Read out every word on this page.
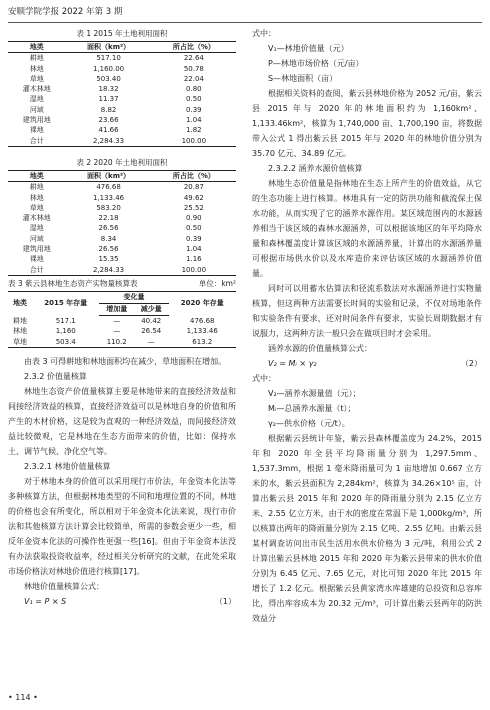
安顺学院学报 2022 年第 3 期
表 1 2015 年土地利用面积
地类	面积（km²）	所占比（%）
耕地	517.10	22.64
林地	1,160.00	50.78
草地	503.40	22.04
灌木林地	18.32	0.80
湿地	11.37	0.50
河域	8.82	0.39
建筑用地	23.66	1.04
裸地	41.66	1.82
合计	2,284.33	100.00
表 2 2020 年土地利用面积
地类	面积（km²）	所占比（%）
耕地	476.68	20.87
林地	1,133.46	49.62
草地	583.20	25.52
灌木林地	22.18	0.90
湿地	26.56	0.50
河域	8.34	0.39
建筑用地	26.56	1.04
裸地	15.35	1.16
合计	2,284.33	100.00
表 3 紫云县林地生态资产实物量核算表	单位：km²
地类	2015 年存量	变化量		2020 年存量
		增加量	减少量	
耕地	517.1	—	40.42	476.68
林地	1,160	—	26.54	1,133.46
草地	503.4	110.2	—	613.2

由表 3 可得耕地和林地面积均在减少，草地面积在增加。

2.3.2 价值量核算

林地生态资产价值量核算主要是林地带来的直接经济效益和间接经济效益的核算，直接经济效益可以是林地自身的价值和所产生的木材价格，这是较为直观的一种经济效益，而间接经济效益比较微观，它是林地在生态方面带来的价值，比如：保持水土、调节气候、净化空气等。

2.3.2.1 林地价值量核算

对于林地本身的价值可以采用现行市价法，年金资本化法等多种核算方法，但根据林地类型的不同和地理位置的不同，林地的价格也会有所变化，所以相对于年金资本化法来说，现行市价法和其他核算方法计算会比较简单，所需的参数会更少一些，相反年金资本化法的可操作性更强一些[16]。但由于年金资本法没有办法获取投资收益率，经过相关分析研究的文献，在此处采取市场价格法对林地价值进行核算[17]。

林地价值量核算公式：

V₁ = P × S	（1）

式中：

V₁—林地价值量（元）

P—林地市场价格（元/亩）

S—林地面积（亩）

根据相关资料的查阅，紫云县林地价格为 2052 元/亩，紫云县 2015 年与 2020 年的林地面积约为 1,160km²、1,133.46km²，核算为 1,740,000 亩、1,700,190 亩，将数据带入公式 1 得出紫云县 2015 年与 2020 年的林地价值分别为 35.70 亿元、34.89 亿元。

2.3.2.2 涵养水源价值核算

林地生态价值量是指林地在生态上所产生的价值效益，从它的生态功能上进行核算。林地具有一定的防洪功能和截流保土保水功能，从而实现了它的涵养水源作用。某区域范围内的水源涵养相当于该区域的森林水源涵养，可以根据该地区的年平均降水量和森林覆盖度计算该区域的水源涵养量，计算出的水源涵养量可根据市场供水价以及水库造价来评估该区域的水源涵养价值量。

同时可以用蓄水估算法和径流系数法对水源涵养进行实物量核算，但这两种方法需要长时间的实验和记录，不仅对场地条件和实验条件有要求，还对时间条件有要求，实验长周期数据才有说服力，这两种方法一般只会在做项目时才会采用。

涵养水源的价值量核算公式：

V₂ = Mᵢ × γ₂	（2）

式中：

V₂—涵养水源量值（元）；

Mᵢ—总涵养水源量（t）；

γ₂—供水价格（元/t）。

根据紫云县统计年鉴，紫云县森林覆盖度为 24.2%，2015 年和 2020 年全县平均降雨量分别为 1,297.5mm、1,537.3mm，根据 1 毫米降雨量可为 1 亩地增加 0.667 立方米的水，紫云县面积为 2,284km²，核算为 34.26×10⁵ 亩，计算出紫云县 2015 年和 2020 年的降雨量分别为 2.15 亿立方米、2.55 亿立方米，由于水的密度在常温下是 1,000kg/m³，所以核算出两年的降雨量分别为 2.15 亿吨、2.55 亿吨。由紫云县某村调查访问出市民生活用水供水价格为 3 元/吨，利用公式 2 计算出紫云县林地 2015 年和 2020 年为紫云县带来的供水价值分别为 6.45 亿元、7.65 亿元，对比可知 2020 年比 2015 年增长了 1.2 亿元。根据紫云县黄家湾水库雄建的总投资和总容库比，得出库容成本为 20.32 元/m³，可计算出紫云县两年的防洪效益分

• 114 •
